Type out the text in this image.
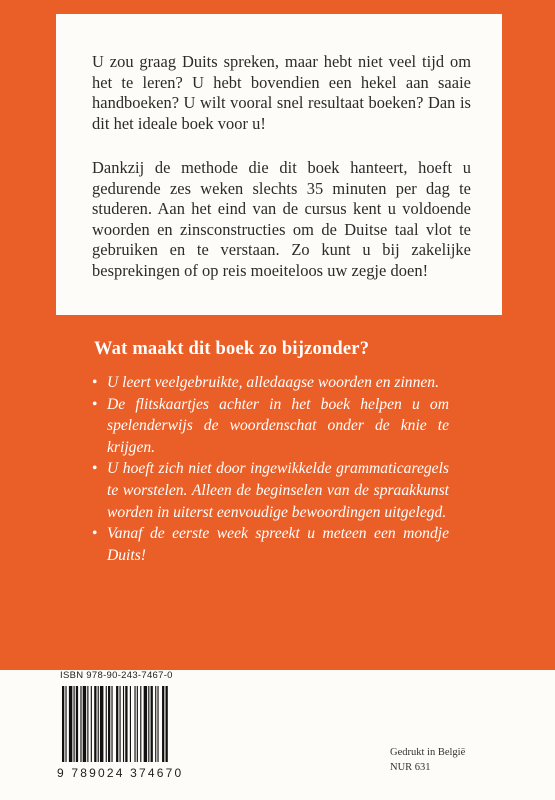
U zou graag Duits spreken, maar hebt niet veel tijd om het te leren? U hebt bovendien een hekel aan saaie handboeken? U wilt vooral snel resultaat boeken? Dan is dit het ideale boek voor u!

Dankzij de methode die dit boek hanteert, hoeft u gedurende zes weken slechts 35 minuten per dag te studeren. Aan het eind van de cursus kent u voldoende woorden en zinsconstructies om de Duitse taal vlot te gebruiken en te verstaan. Zo kunt u bij zakelijke besprekingen of op reis moeiteloos uw zegje doen!

Wat maakt dit boek zo bijzonder?
• U leert veelgebruikte, alledaagse woorden en zinnen.
• De flitskaartjes achter in het boek helpen u om spelenderwijs de woordenschat onder de knie te krijgen.
• U hoeft zich niet door ingewikkelde grammaticaregels te worstelen. Alleen de beginselen van de spraakkunst worden in uiterst eenvoudige bewoordingen uitgelegd.
• Vanaf de eerste week spreekt u meteen een mondje Duits!
ISBN 978-90-243-7467-0
9 789024 374670
Gedrukt in België
NUR 631
